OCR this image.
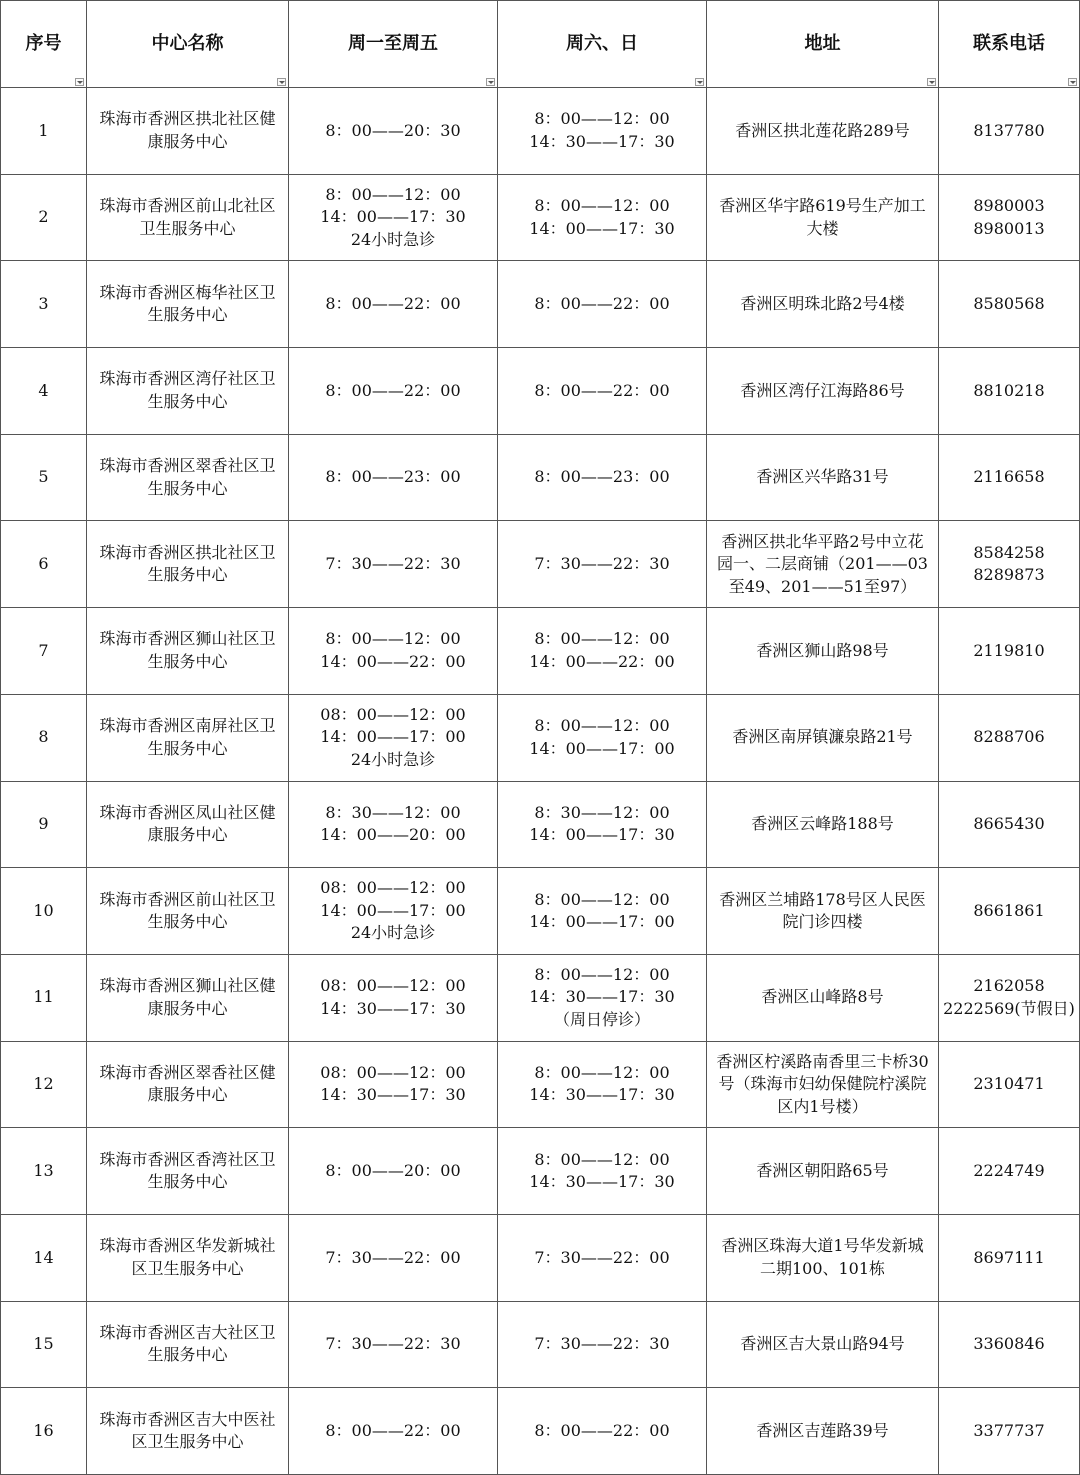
序号	中心名称	周一至周五	周六、日	地址	联系电话

1	珠海市香洲区拱北社区健
康服务中心	8：00——20：30	8：00——12：00
14：30——17：30	香洲区拱北莲花路289号	8137780

2	珠海市香洲区前山北社区
卫生服务中心	8：00——12：00
14：00——17：30
24小时急诊	8：00——12：00
14：00——17：30	香洲区华宇路619号生产加工
大楼	8980003
8980013

3	珠海市香洲区梅华社区卫
生服务中心	8：00——22：00	8：00——22：00	香洲区明珠北路2号4楼	8580568

4	珠海市香洲区湾仔社区卫
生服务中心	8：00——22：00	8：00——22：00	香洲区湾仔江海路86号	8810218

5	珠海市香洲区翠香社区卫
生服务中心	8：00——23：00	8：00——23：00	香洲区兴华路31号	2116658

6	珠海市香洲区拱北社区卫
生服务中心	7：30——22：30	7：30——22：30	香洲区拱北华平路2号中立花
园一、二层商铺（201——03
至49、201——51至97）	8584258
8289873

7	珠海市香洲区狮山社区卫
生服务中心	8：00——12：00
14：00——22：00	8：00——12：00
14：00——22：00	香洲区狮山路98号	2119810

8	珠海市香洲区南屏社区卫
生服务中心	08：00——12：00
14：00——17：00
24小时急诊	8：00——12：00
14：00——17：00	香洲区南屏镇濂泉路21号	8288706

9	珠海市香洲区凤山社区健
康服务中心	8：30——12：00
14：00——20：00	8：30——12：00
14：00——17：30	香洲区云峰路188号	8665430

10	珠海市香洲区前山社区卫
生服务中心	08：00——12：00
14：00——17：00
24小时急诊	8：00——12：00
14：00——17：00	香洲区兰埔路178号区人民医
院门诊四楼	8661861

11	珠海市香洲区狮山社区健
康服务中心	08：00——12：00
14：30——17：30	8：00——12：00
14：30——17：30
（周日停诊）	香洲区山峰路8号	2162058
2222569(节假日)

12	珠海市香洲区翠香社区健
康服务中心	08：00——12：00
14：30——17：30	8：00——12：00
14：30——17：30	香洲区柠溪路南香里三卡桥30
号（珠海市妇幼保健院柠溪院
区内1号楼）	2310471

13	珠海市香洲区香湾社区卫
生服务中心	8：00——20：00	8：00——12：00
14：30——17：30	香洲区朝阳路65号	2224749

14	珠海市香洲区华发新城社
区卫生服务中心	7：30——22：00	7：30——22：00	香洲区珠海大道1号华发新城
二期100、101栋	8697111

15	珠海市香洲区吉大社区卫
生服务中心	7：30——22：30	7：30——22：30	香洲区吉大景山路94号	3360846

16	珠海市香洲区吉大中医社
区卫生服务中心	8：00——22：00	8：00——22：00	香洲区吉莲路39号	3377737
